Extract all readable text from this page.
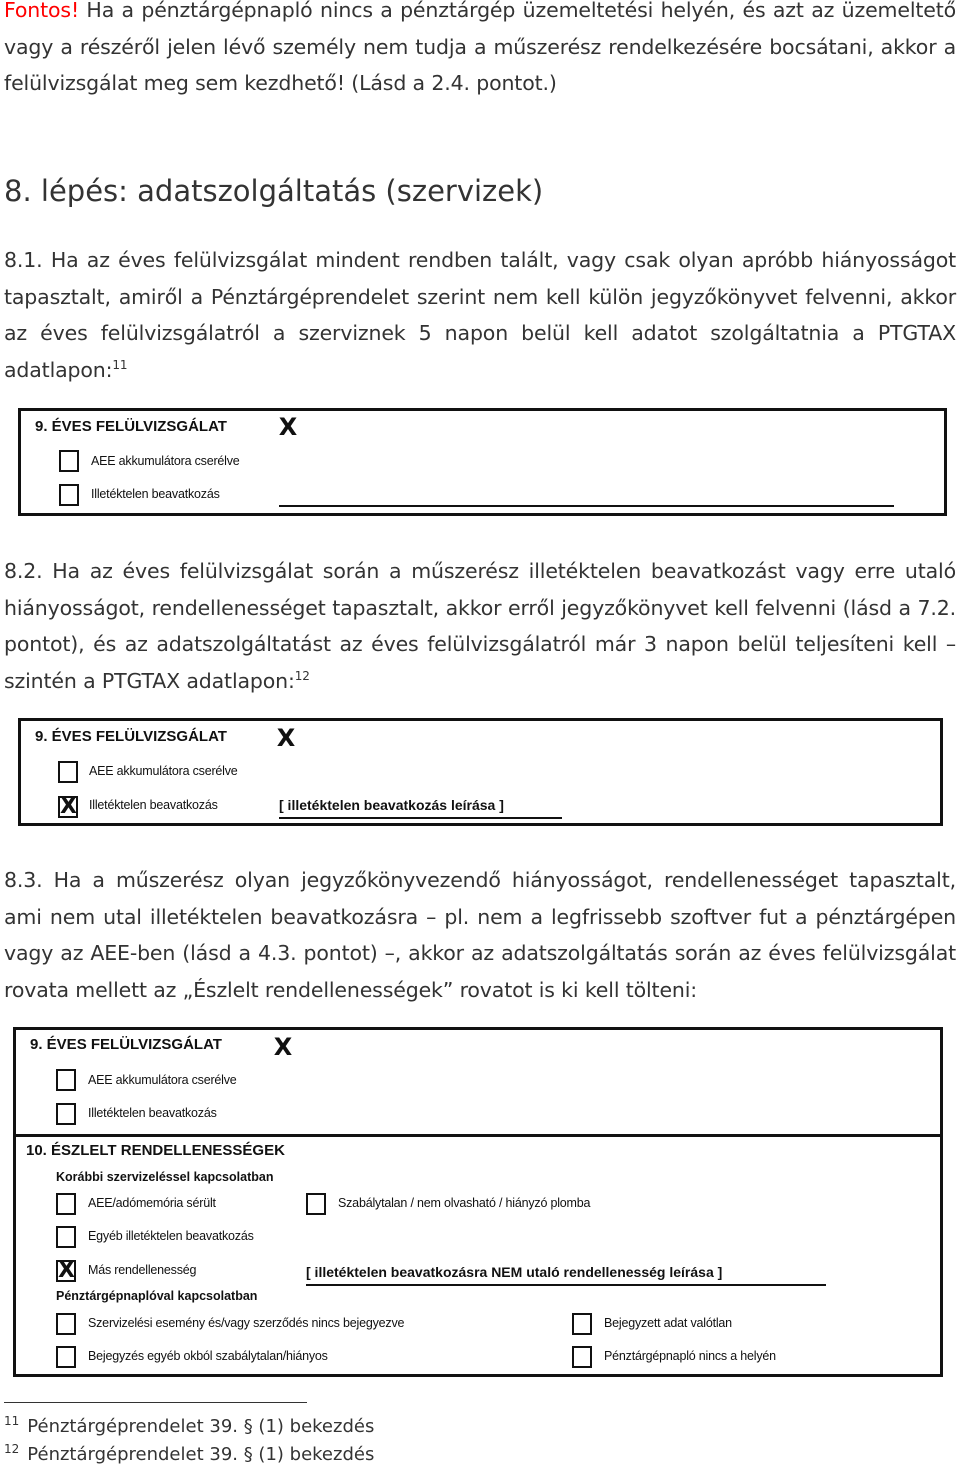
Fontos! Ha a pénztárgépnapló nincs a pénztárgép üzemeltetési helyén, és azt az üzemeltető vagy a részéről jelen lévő személy nem tudja a műszerész rendelkezésére bocsátani, akkor a felülvizsgálat meg sem kezdhető! (Lásd a 2.4. pontot.)
8. lépés: adatszolgáltatás (szervizek)
8.1. Ha az éves felülvizsgálat mindent rendben talált, vagy csak olyan apróbb hiányosságot tapasztalt, amiről a Pénztárgéprendelet szerint nem kell külön jegyzőkönyvet felvenni, akkor az éves felülvizsgálatról a szerviznek 5 napon belül kell adatot szolgáltatnia a PTGTAX adatlapon:$^{11}$
9. ÉVES FELÜLVIZSGÁLAT X
AEE akkumulátora cserélve
Illetéktelen beavatkozás
8.2. Ha az éves felülvizsgálat során a műszerész illetéktelen beavatkozást vagy erre utaló hiányosságot, rendellenességet tapasztalt, akkor erről jegyzőkönyvet kell felvenni (lásd a 7.2. pontot), és az adatszolgáltatást az éves felülvizsgálatról már 3 napon belül teljesíteni kell – szintén a PTGTAX adatlapon:$^{12}$
9. ÉVES FELÜLVIZSGÁLAT X
AEE akkumulátora cserélve
X Illetéktelen beavatkozás	[ illetéktelen beavatkozás leírása ]
8.3. Ha a műszerész olyan jegyzőkönyvezendő hiányosságot, rendellenességet tapasztalt, ami nem utal illetéktelen beavatkozásra – pl. nem a legfrissebb szoftver fut a pénztárgépen vagy az AEE-ben (lásd a 4.3. pontot) –, akkor az adatszolgáltatás során az éves felülvizsgálat rovata mellett az „Észlelt rendellenességek” rovatot is ki kell tölteni:
9. ÉVES FELÜLVIZSGÁLAT X
AEE akkumulátora cserélve
Illetéktelen beavatkozás
10. ÉSZLELT RENDELLENESSÉGEK
Korábbi szervizeléssel kapcsolatban
AEE/adómemória sérült	Szabálytalan / nem olvasható / hiányzó plomba
Egyéb illetéktelen beavatkozás
X Más rendellenesség	[ illetéktelen beavatkozásra NEM utaló rendellenesség leírása ]
Pénztárgépnaplóval kapcsolatban
Szervizelési esemény és/vagy szerződés nincs bejegyezve	Bejegyzett adat valótlan
Bejegyzés egyéb okból szabálytalan/hiányos	Pénztárgépnapló nincs a helyén
$^{11}$ Pénztárgéprendelet 39. § (1) bekezdés
$^{12}$ Pénztárgéprendelet 39. § (1) bekezdés
